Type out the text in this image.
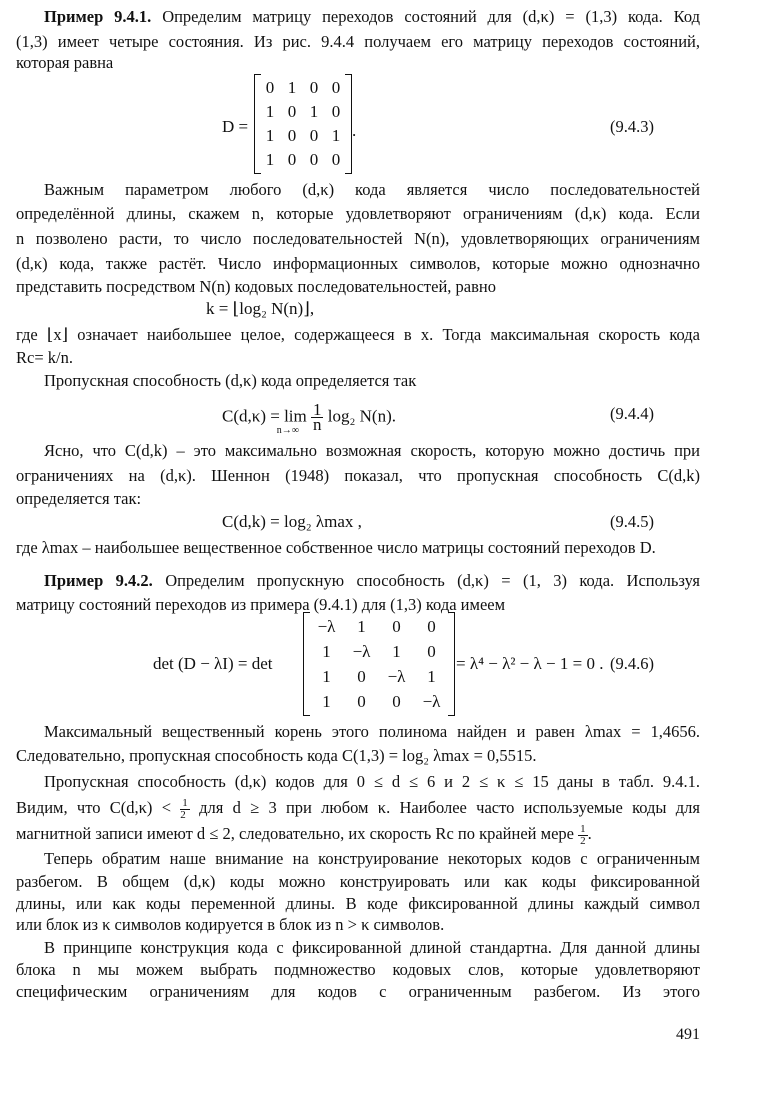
Пример 9.4.1. Определим матрицу переходов состояний для (d,κ) = (1,3) кода. Код
(1,3) имеет четыре состояния. Из рис. 9.4.4 получаем его матрицу переходов состояний,
которая равна
D =
0	1	0	0
1	0	1	0
1	0	0	1
1	0	0	0
.	(9.4.3)
Важным параметром любого (d,κ) кода является число последовательностей
определённой длины, скажем n, которые удовлетворяют ограничениям (d,κ) кода. Если
n позволено расти, то число последовательностей N(n), удовлетворяющих ограничениям
(d,κ) кода, также растёт. Число информационных символов, которые можно однозначно
представить посредством N(n) кодовых последовательностей, равно
k = ⌊log₂ N(n)⌋,
где ⌊x⌋ означает наибольшее целое, содержащееся в x. Тогда максимальная скорость кода
Rc= k/n.
Пропускная способность (d,κ) кода определяется так
C(d,κ) = lim
n→∞
$\frac{1}{n} \log_2$ N(n).	(9.4.4)
Ясно, что C(d,k) – это максимально возможная скорость, которую можно достичь при
ограничениях на (d,κ). Шеннон (1948) показал, что пропускная способность C(d,k)
определяется так:
C(d,k) = log₂ λmax ,	(9.4.5)
где λmax – наибольшее вещественное собственное число матрицы состояний переходов D.
Пример 9.4.2. Определим пропускную способность (d,κ) = (1, 3) кода. Используя
матрицу состояний переходов из примера (9.4.1) для (1,3) кода имеем
det (D − λI) = det
−λ	1	0	0
1	−λ	1	0
1	0	−λ	1
1	0	0	−λ
= λ⁴ − λ² − λ − 1 = 0 . (9.4.6)
Максимальный вещественный корень этого полинома найден и равен λmax = 1,4656.
Следовательно, пропускная способность кода C(1,3) = log₂ λmax = 0,5515.
Пропускная способность (d,κ) кодов для 0 ≤ d ≤ 6 и 2 ≤ κ ≤ 15 даны в табл. 9.4.1.
Видим, что $C(d,\kappa) < \frac{1}{2}$ для d ≥ 3 при любом κ. Наиболее часто используемые коды для
магнитной записи имеют d ≤ 2, следовательно, их скорость Rc по крайней мере $\frac{1}{2}$ .
Теперь обратим наше внимание на конструирование некоторых кодов с ограниченным
разбегом. В общем (d,κ) коды можно конструировать или как коды фиксированной
длины, или как коды переменной длины. В коде фиксированной длины каждый символ
или блок из κ символов кодируется в блок из n > κ символов.
В принципе конструкция кода с фиксированной длиной стандартна. Для данной длины
блока n мы можем выбрать подмножество кодовых слов, которые удовлетворяют
специфическим ограничениям для кодов с ограниченным разбегом. Из этого
491
